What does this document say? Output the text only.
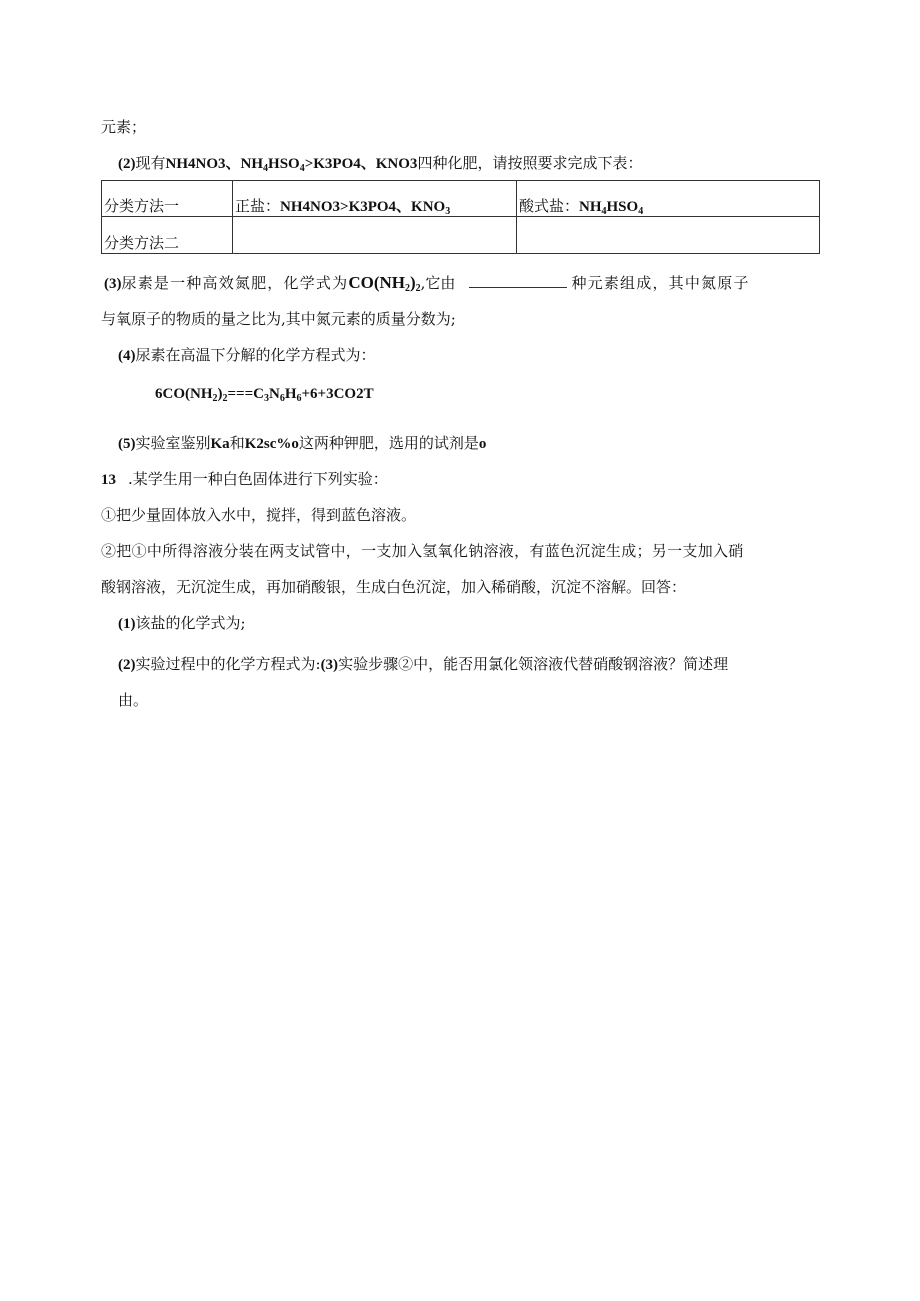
元素；
(2)现有NH4NO3、$NH_4HSO_4>K3PO4$、KNO3四种化肥，请按照要求完成下表：
分类方法一	正盐：NH4NO3>K3PO4、$KNO_3$	酸式盐：$NH_4HSO_4$
分类方法二		
(3)尿素是一种高效氮肥，化学式为$CO(NH_2)_2$,它由	种元素组成，其中氮原子
与氧原子的物质的量之比为,其中氮元素的质量分数为;
(4)尿素在高温下分解的化学方程式为：
$6CO(NH_2)_2===C_3N_6H_6+6+3CO2T$
(5)实验室鉴别Ka和K2sc%o这两种钾肥，选用的试剂是o
13 .某学生用一种白色固体进行下列实验：
①把少量固体放入水中，搅拌，得到蓝色溶液。
②把①中所得溶液分装在两支试管中，一支加入氢氧化钠溶液，有蓝色沉淀生成；另一支加入硝
酸钢溶液，无沉淀生成，再加硝酸银，生成白色沉淀，加入稀硝酸，沉淀不溶解。回答：
(1)该盐的化学式为;
(2)实验过程中的化学方程式为:(3)实验步骤②中，能否用氯化领溶液代替硝酸钢溶液？简述理
由。
